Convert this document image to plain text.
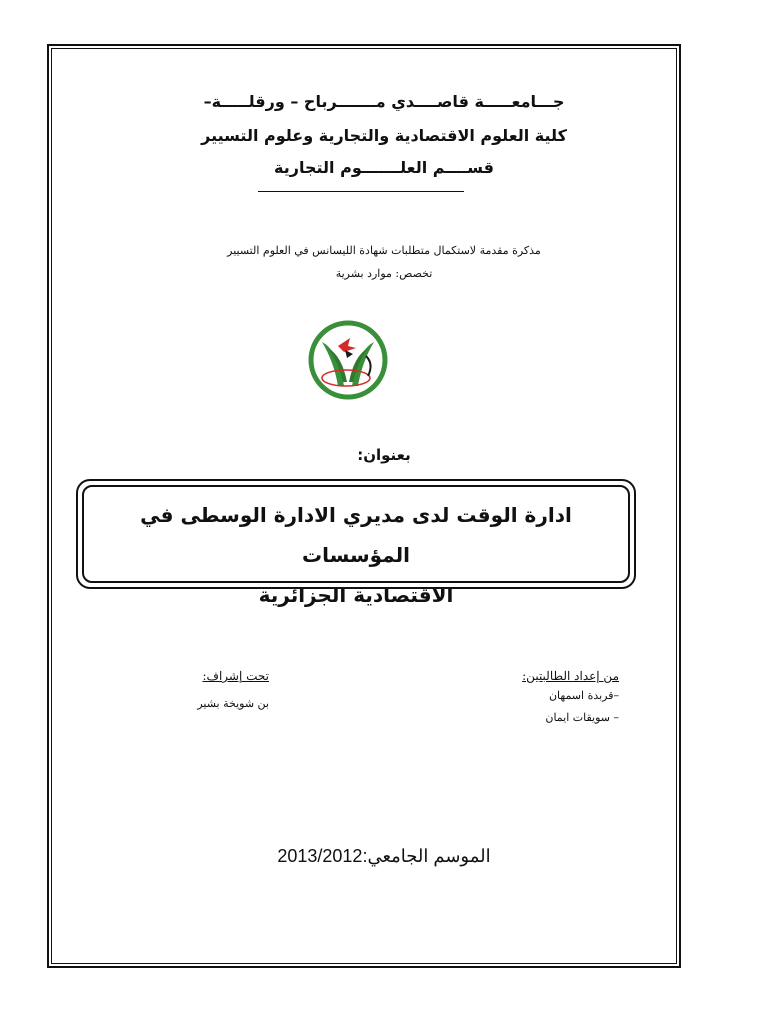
جـــامعـــــة قاصــــدي مـــــــرباح – ورقلـــــة–
كلية العلوم الاقتصادية والتجارية وعلوم التسيير
قســــم العلـــــــوم التجارية
مذكرة مقدمة لاستكمال متطلبات شهادة الليسانس في العلوم التسيير
تخصص: موارد بشرية
بعنوان:
ادارة الوقت لدى مديري الادارة الوسطى في المؤسسات
الاقتصادية الجزائرية
من إعداد الطالبتين:
–قربدة اسمهان
– سويقات ايمان
تحت إشراف:
بن شويخة بشير
الموسم الجامعي:2013/2012
